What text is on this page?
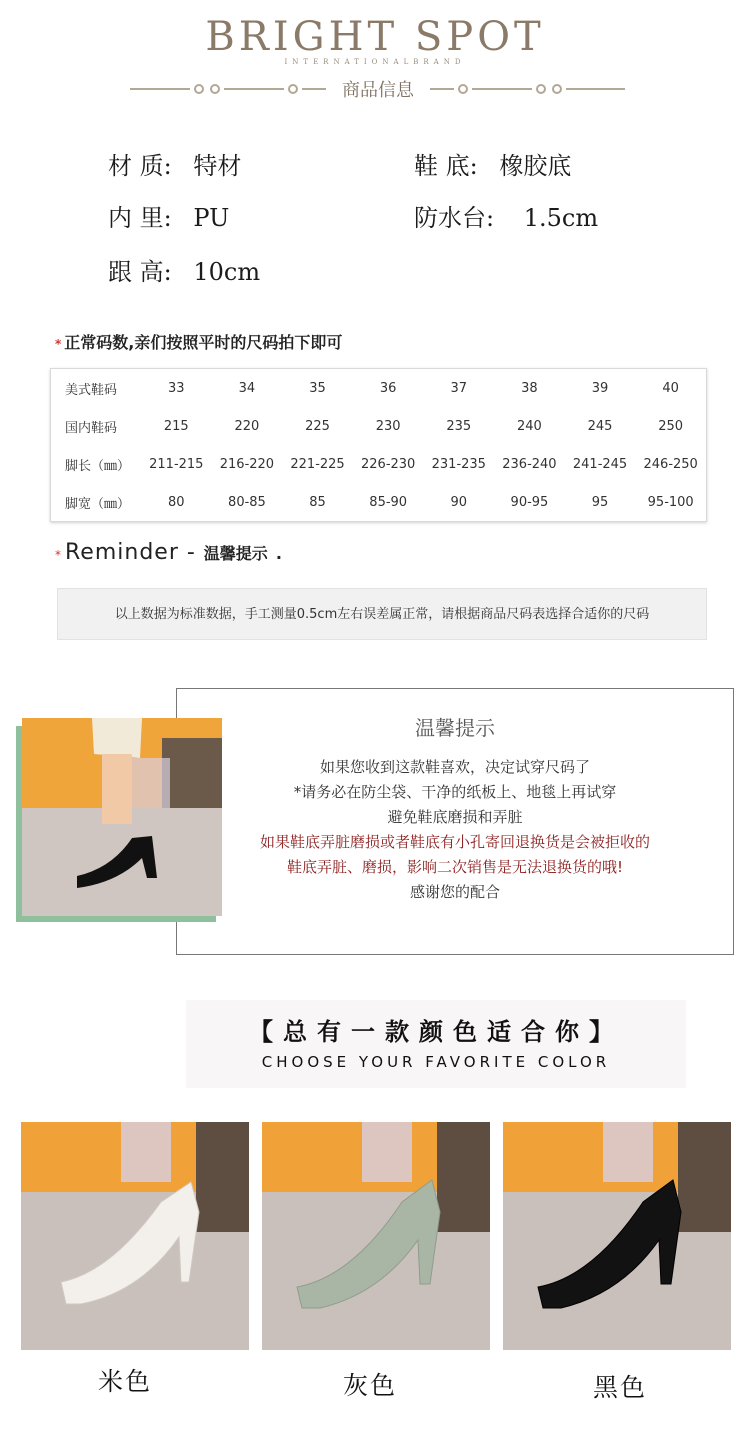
BRIGHT SPOT
INTERNATIONALBRAND
商品信息
材 质: 特材	鞋 底: 橡胶底
内 里: PU	防水台: 1.5cm
跟 高: 10cm
* 正常码数,亲们按照平时的尺码拍下即可
美式鞋码	33	34	35	36	37	38	39	40
国内鞋码	215	220	225	230	235	240	245	250
脚长（㎜）	211-215	216-220	221-225	226-230	231-235	236-240	241-245	246-250
脚宽（㎜）	80	80-85	85	85-90	90	90-95	95	95-100
* Reminder - 温馨提示 .
以上数据为标准数据，手工测量0.5cm左右误差属正常，请根据商品尺码表选择合适你的尺码
温馨提示
如果您收到这款鞋喜欢，决定试穿尺码了
*请务必在防尘袋、干净的纸板上、地毯上再试穿
避免鞋底磨损和弄脏
如果鞋底弄脏磨损或者鞋底有小孔寄回退换货是会被拒收的
鞋底弄脏、磨损，影响二次销售是无法退换货的哦!
感谢您的配合
【总有一款颜色适合你】
CHOOSE YOUR FAVORITE COLOR
米色	灰色	黑色
